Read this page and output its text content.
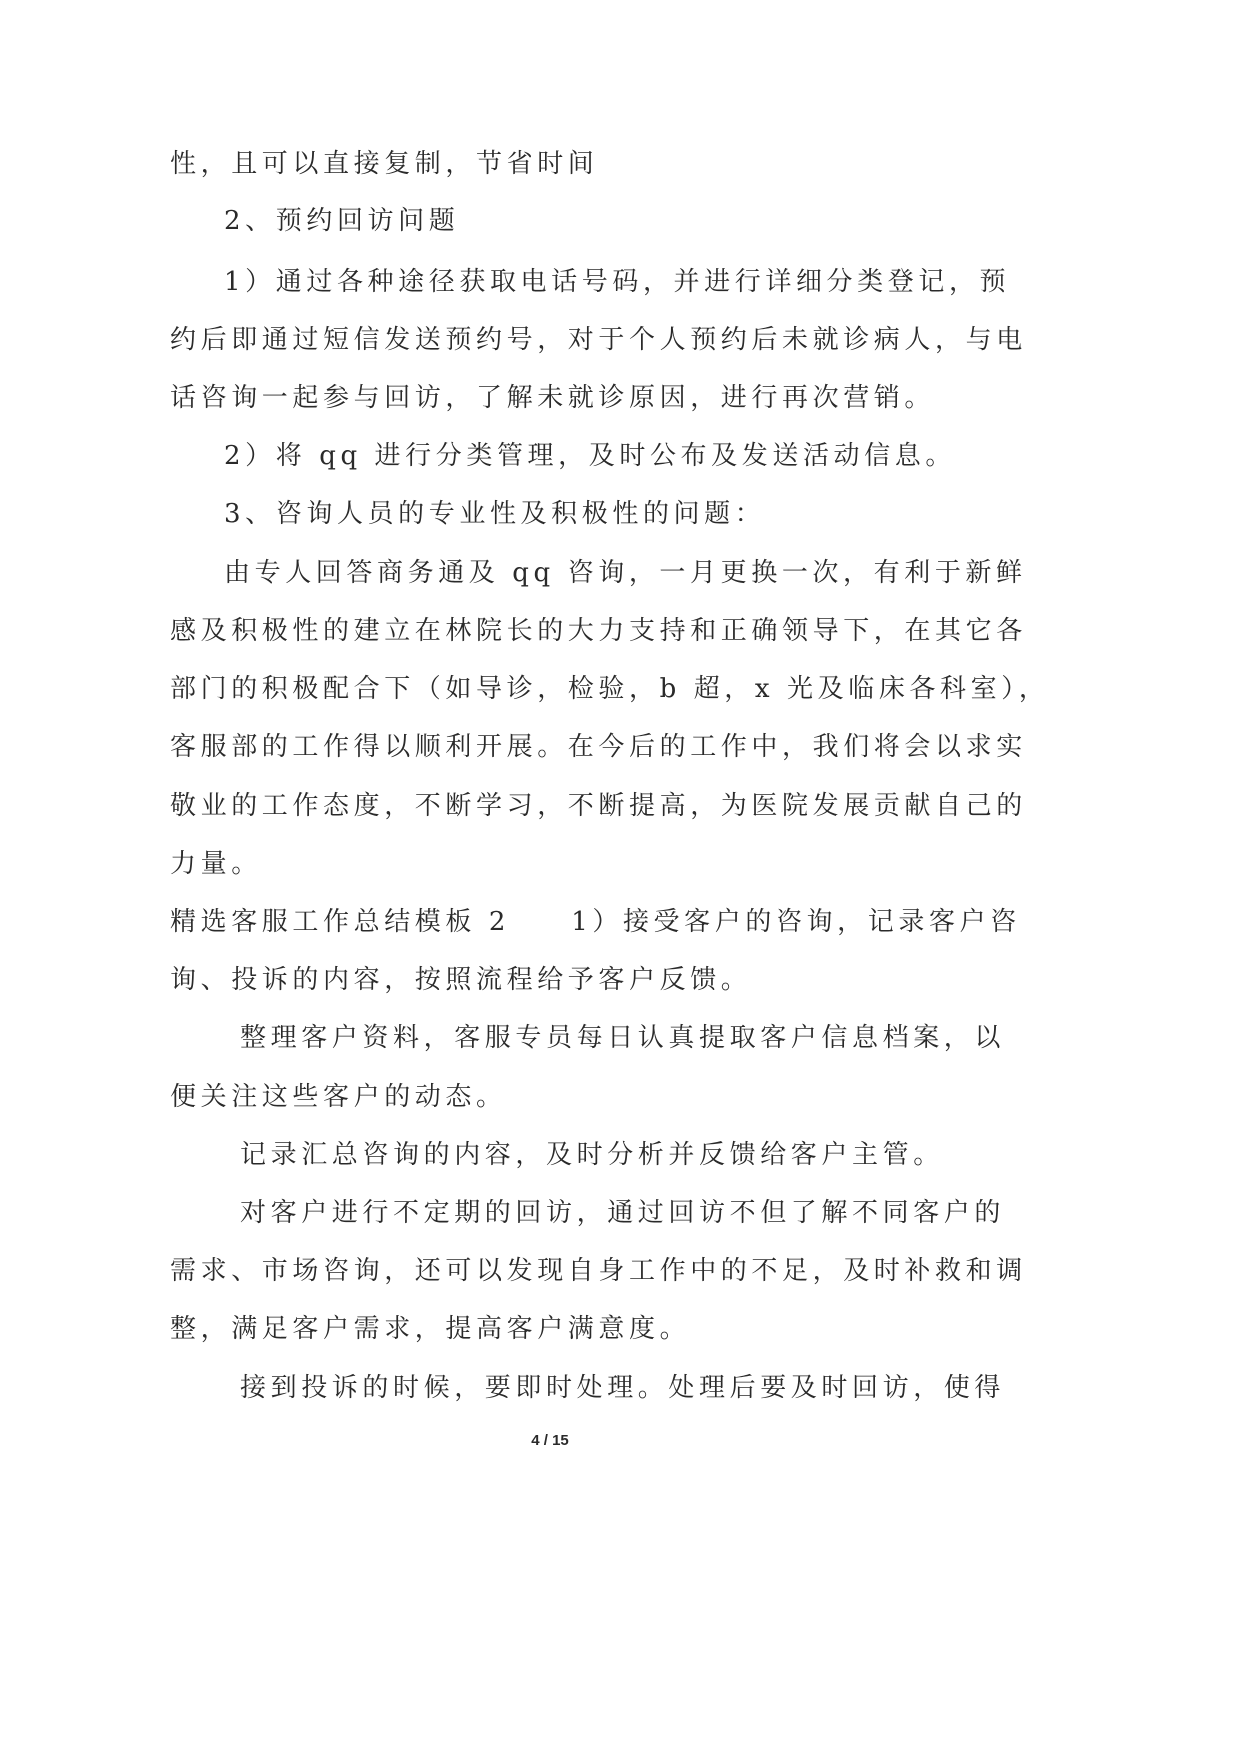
性，且可以直接复制，节省时间

2、预约回访问题

1）通过各种途径获取电话号码，并进行详细分类登记，预

约后即通过短信发送预约号，对于个人预约后未就诊病人，与电

话咨询一起参与回访，了解未就诊原因，进行再次营销。

2）将 qq 进行分类管理，及时公布及发送活动信息。

3、咨询人员的专业性及积极性的问题：

由专人回答商务通及 qq 咨询，一月更换一次，有利于新鲜

感及积极性的建立在林院长的大力支持和正确领导下，在其它各

部门的积极配合下（如导诊，检验，b 超，x 光及临床各科室），

客服部的工作得以顺利开展。在今后的工作中，我们将会以求实

敬业的工作态度，不断学习，不断提高，为医院发展贡献自己的

力量。

精选客服工作总结模板 2　　1）接受客户的咨询，记录客户咨

询、投诉的内容，按照流程给予客户反馈。

整理客户资料，客服专员每日认真提取客户信息档案，以

便关注这些客户的动态。

记录汇总咨询的内容，及时分析并反馈给客户主管。

对客户进行不定期的回访，通过回访不但了解不同客户的

需求、市场咨询，还可以发现自身工作中的不足，及时补救和调

整，满足客户需求，提高客户满意度。

接到投诉的时候，要即时处理。处理后要及时回访，使得

4 / 15
